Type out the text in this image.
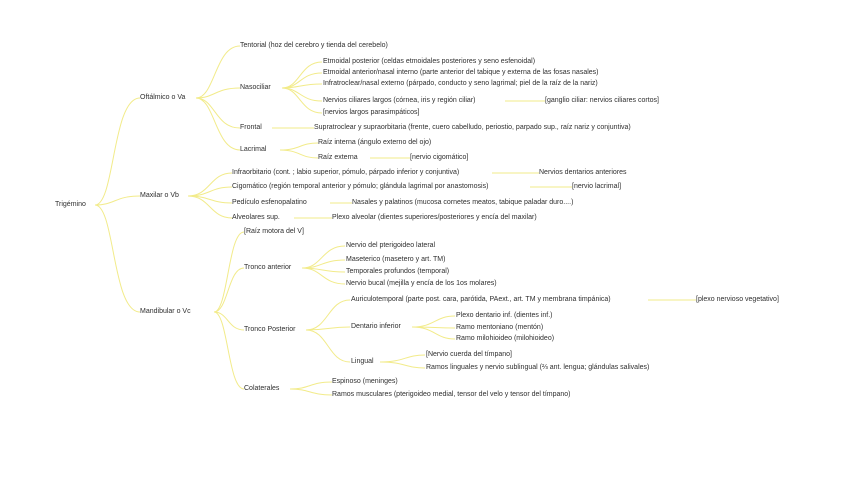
Trigémino
Oftálmico o Va
Tentorial (hoz del cerebro y tienda del cerebelo)
Nasociliar
Etmoidal posterior (celdas etmoidales posteriores y seno esfenoidal)
Etmoidal anterior/nasal interno (parte anterior del tabique y externa de las fosas nasales)
Infratroclear/nasal externo (párpado, conducto y seno lagrimal; piel de la raíz de la nariz)
Nervios ciliares largos (córnea, iris y región ciliar)	[ganglio ciliar: nervios ciliares cortos]
[nervios largos parasimpáticos]
Frontal	Supratroclear y supraorbitaria (frente, cuero cabelludo, periostio, parpado sup., raíz nariz y conjuntiva)
Lacrimal
Raíz interna (ángulo externo del ojo)
Raíz externa	[nervio cigomático]
Maxilar o Vb
Infraorbitario (cont. ; labio superior, pómulo, párpado inferior y conjuntiva)	Nervios dentarios anteriores
Cigomático (región temporal anterior y pómulo; glándula lagrimal por anastomosis)	[nervio lacrimal]
Pedículo esfenopalatino	Nasales y palatinos (mucosa cornetes meatos, tabique paladar duro....)
Alveolares sup.	Plexo alveolar (dientes superiores/posteriores y encía del maxilar)
Mandibular o Vc
[Raíz motora del V]
Tronco anterior
Nervio del pterigoideo lateral
Maseterico (masetero y art. TM)
Temporales profundos (temporal)
Nervio bucal (mejilla y encía de los 1os molares)
Tronco Posterior
Auriculotemporal (parte post. cara, parótida, PAext., art. TM y membrana timpánica)	[plexo nervioso vegetativo]
Dentario inferior
Plexo dentario inf. (dientes inf.)
Ramo mentoniano (mentón)
Ramo milohioideo (milohioideo)
Lingual
[Nervio cuerda del tímpano]
Ramos linguales y nervio sublingual (⅔ ant. lengua; glándulas salivales)
Colaterales
Espinoso (meninges)
Ramos musculares (pterigoideo medial, tensor del velo y tensor del tímpano)
